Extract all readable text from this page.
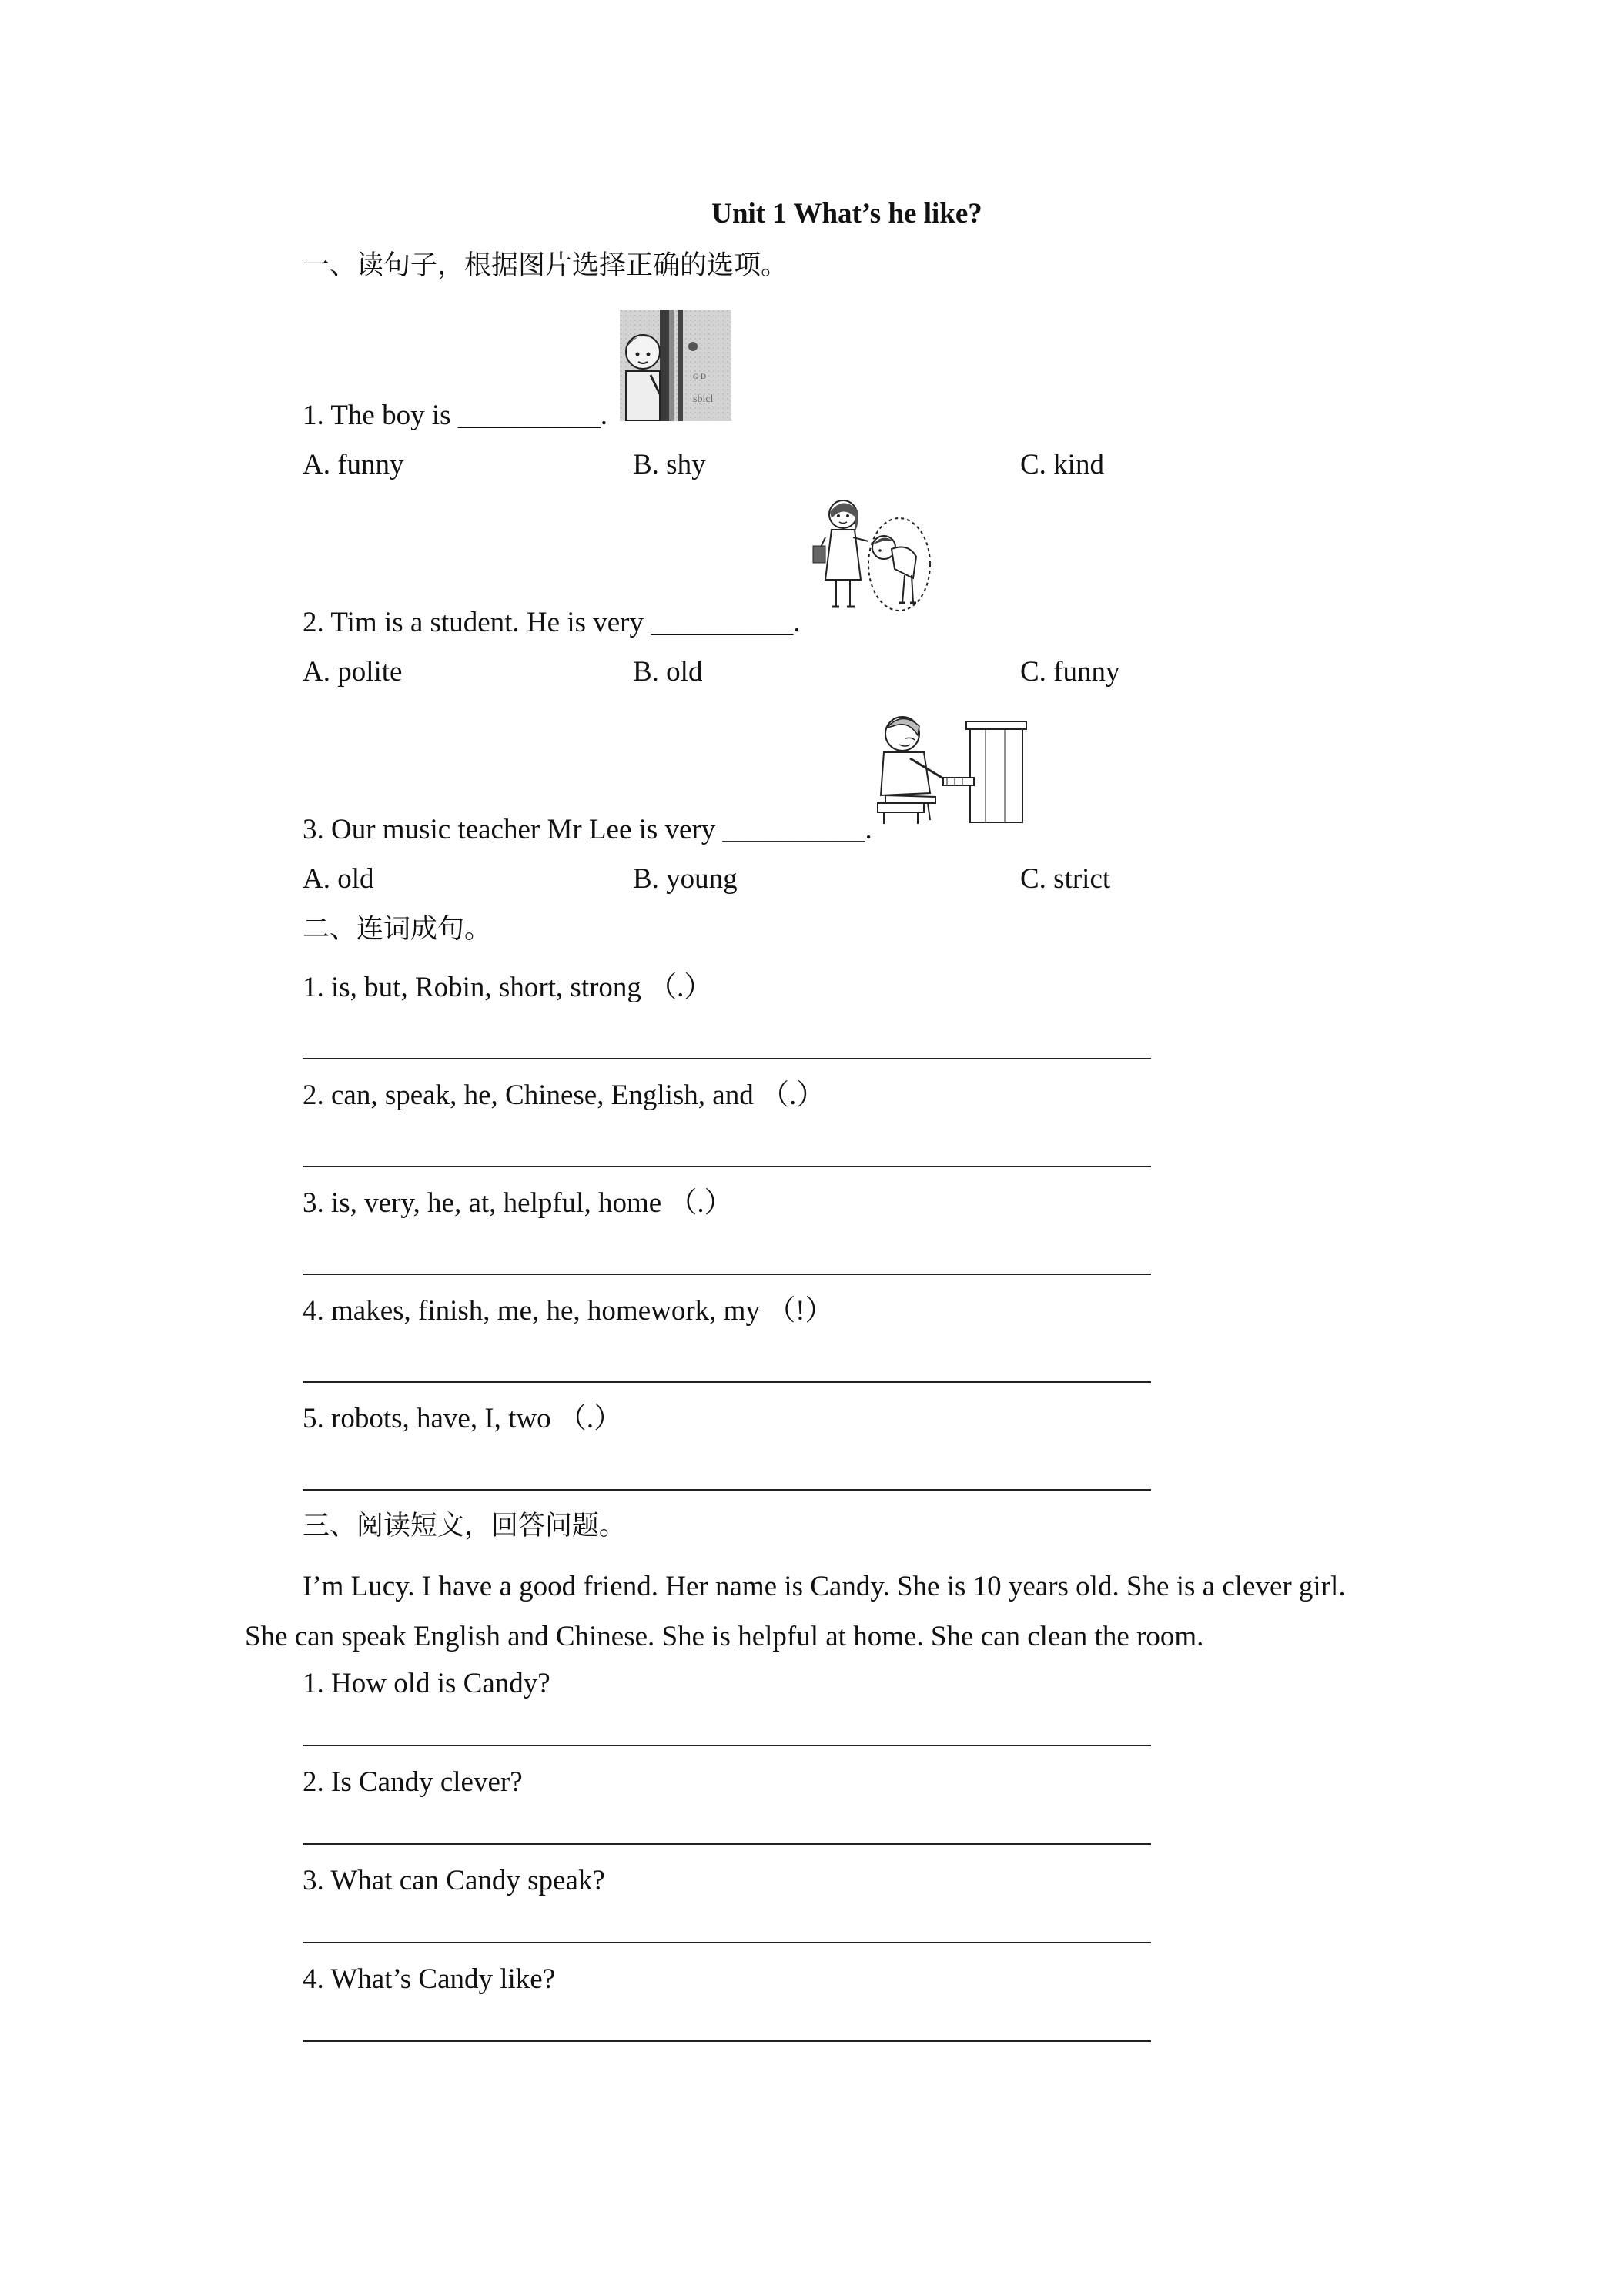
Unit 1 What’s he like?
一、读句子，根据图片选择正确的选项。
ɢ ᴅ
sbicl
1. The boy is __________.
A. funny	B. shy	C. kind
2. Tim is a student. He is very __________.
A. polite	B. old	C. funny
3. Our music teacher Mr Lee is very __________.
A. old	B. young	C. strict
二、连词成句。
1. is, but, Robin, short, strong （.）
2. can, speak, he, Chinese, English, and （.）
3. is, very, he, at, helpful, home （.）
4. makes, finish, me, he, homework, my （!）
5. robots, have, I, two （.）
三、阅读短文，回答问题。
I’m Lucy. I have a good friend. Her name is Candy. She is 10 years old. She is a clever girl. She can speak English and Chinese. She is helpful at home. She can clean the room.
1. How old is Candy?
2. Is Candy clever?
3. What can Candy speak?
4. What’s Candy like?
